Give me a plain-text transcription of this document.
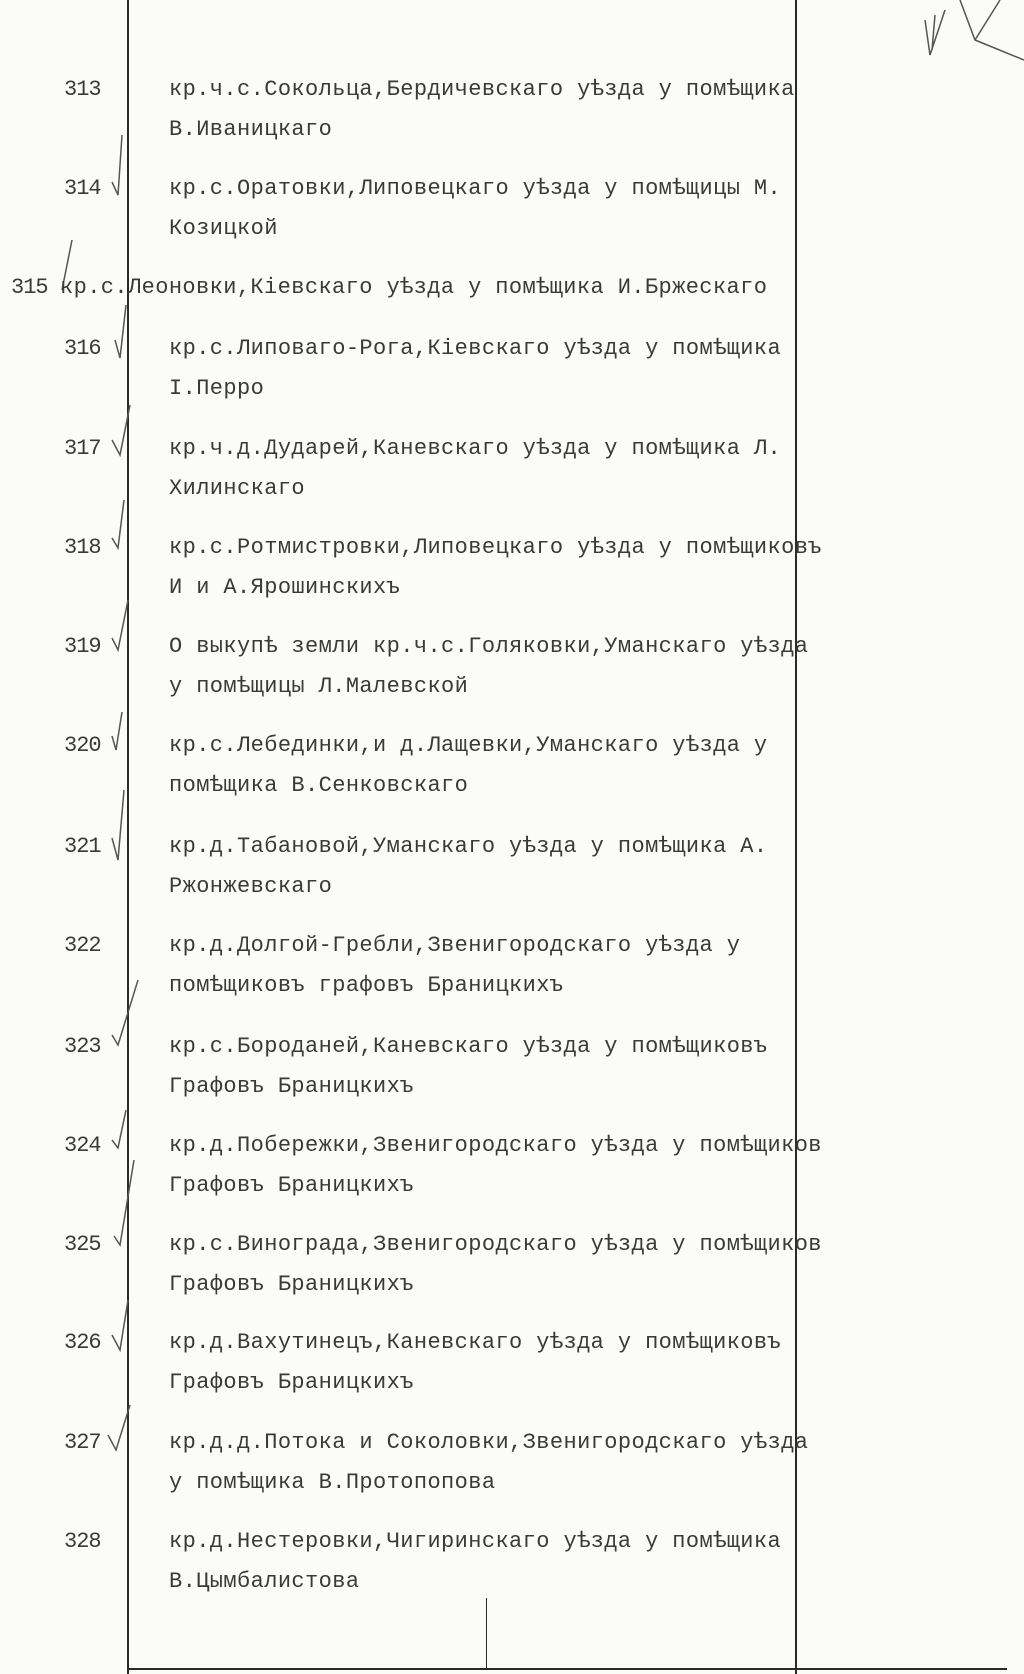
313	кр.ч.с.Сокольца,Бердичевскаго уѣзда у помѣщика
В.Иваницкаго
314	кр.с.Оратовки,Липовецкаго уѣзда у помѣщицы М.
Козицкой
315 кр.с.Леоновки,Кіевскаго уѣзда у помѣщика И.Бржескаго
316	кр.с.Липоваго-Рога,Кіевскаго уѣзда у помѣщика
І.Перро
317	кр.ч.д.Дударей,Каневскаго уѣзда у помѣщика Л.
Хилинскаго
318	кр.с.Ротмистровки,Липовецкаго уѣзда у помѣщиковъ
И и А.Ярошинскихъ
319	О выкупѣ земли кр.ч.с.Голяковки,Уманскаго уѣзда
у помѣщицы Л.Малевской
320	кр.с.Лебединки,и д.Лащевки,Уманскаго уѣзда у
помѣщика В.Сенковскаго
321	кр.д.Табановой,Уманскаго уѣзда у помѣщика А.
Ржонжевскаго
322	кр.д.Долгой-Гребли,Звенигородскаго уѣзда у
помѣщиковъ графовъ Браницкихъ
323	кр.с.Бороданей,Каневскаго уѣзда у помѣщиковъ
Графовъ Браницкихъ
324	кр.д.Побережки,Звенигородскаго уѣзда у помѣщиков
Графовъ Браницкихъ
325	кр.с.Винограда,Звенигородскаго уѣзда у помѣщиков
Графовъ Браницкихъ
326	кр.д.Вахутинецъ,Каневскаго уѣзда у помѣщиковъ
Графовъ Браницкихъ
327	кр.д.д.Потока и Соколовки,Звенигородскаго уѣзда
у помѣщика В.Протопопова
328	кр.д.Нестеровки,Чигиринскаго уѣзда у помѣщика
В.Цымбалистова
